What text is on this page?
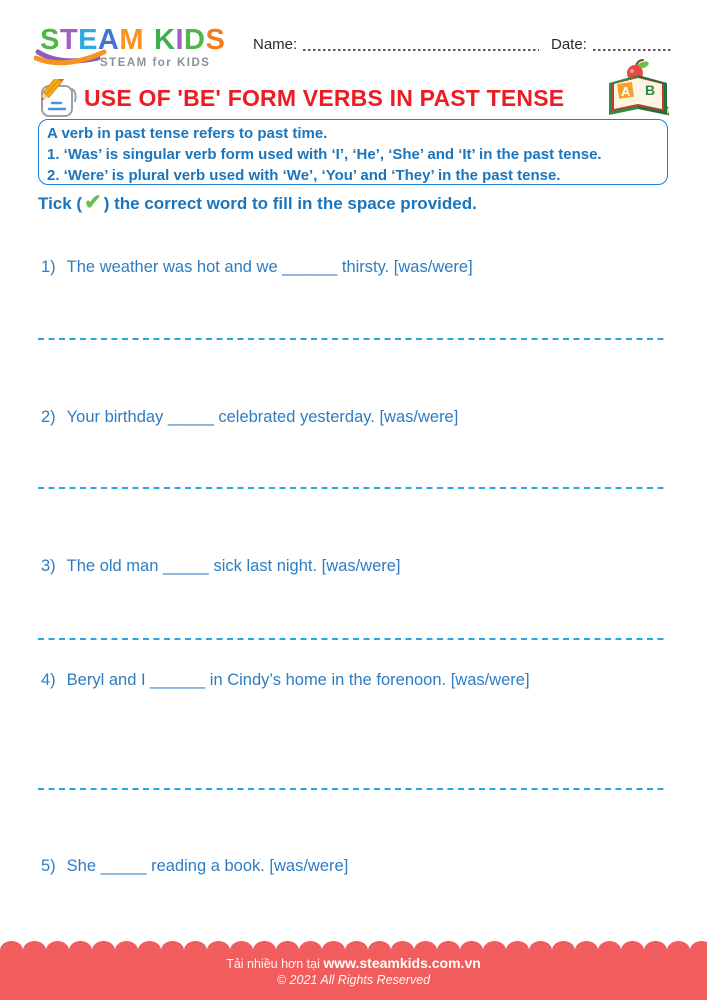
STEAM KIDS
STEAM for KIDS
Name:	Date:
USE OF 'BE' FORM VERBS IN PAST TENSE	A B
A verb in past tense refers to past time.
1. ‘Was’ is singular verb form used with ‘I’, ‘He’, ‘She’ and ‘It’ in the past tense.
2. ‘Were’ is plural verb used with ‘We’, ‘You’ and ‘They’ in the past tense.
Tick ( ✔ ) the correct word to fill in the space provided.
1) The weather was hot and we ______ thirsty. [was/were]
2) Your birthday _____ celebrated yesterday. [was/were]
3) The old man _____ sick last night. [was/were]
4) Beryl and I ______ in Cindy’s home in the forenoon. [was/were]
5) She _____ reading a book. [was/were]
Tải nhiều hơn tại www.steamkids.com.vn
© 2021 All Rights Reserved
